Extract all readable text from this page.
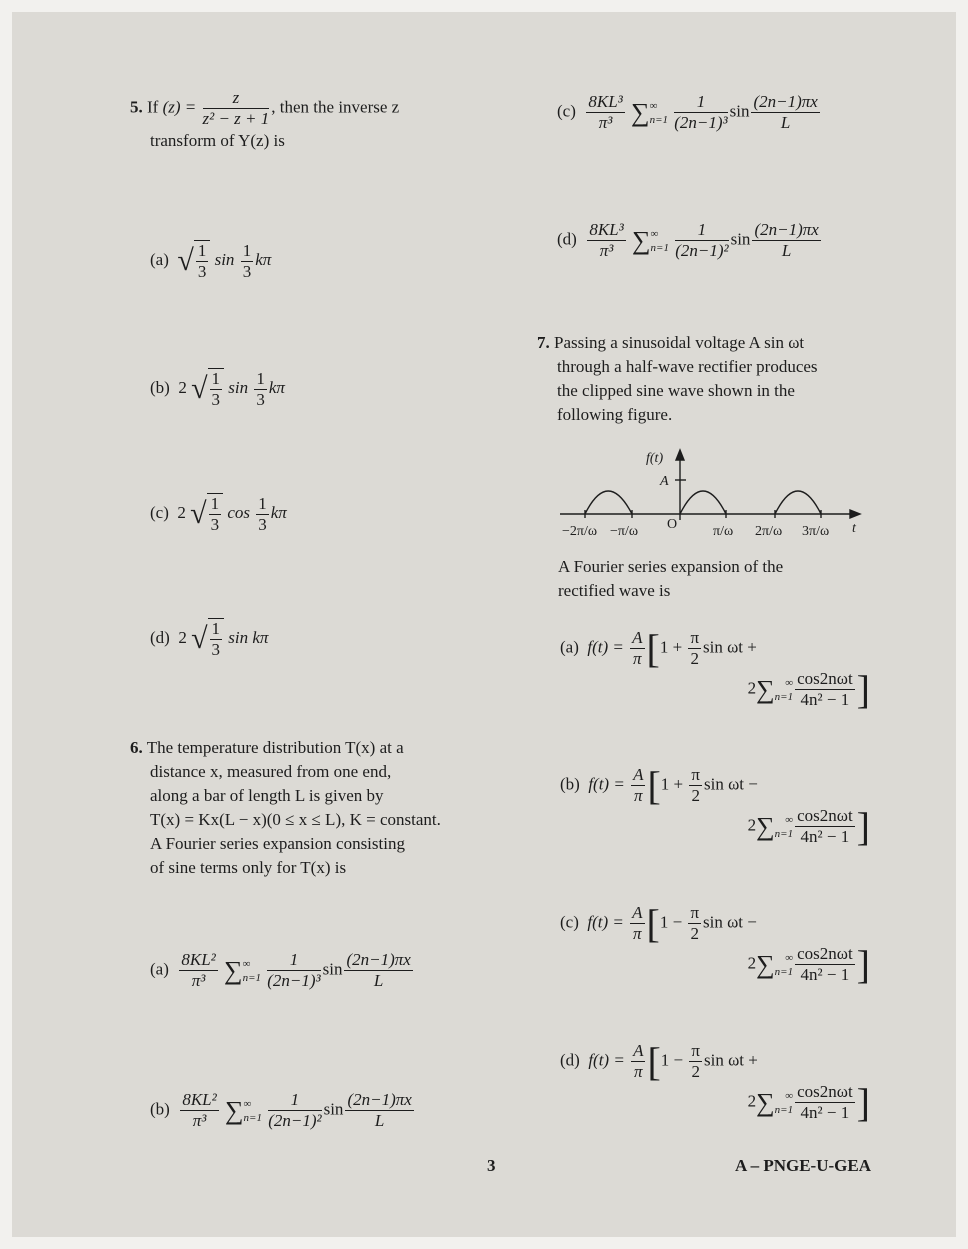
5. If $(z) = \frac{z}{\text{z² − z + 1}}$ , then the inverse z
transform of Y(z) is
(a) √ $\frac{1}{3}$ $\sin \frac{1}{3}$ kπ
(b) 2 √ $\frac{1}{3}$ $\sin \frac{1}{3}$ kπ
(c) 2 √ $\frac{1}{3}$ $\cos \frac{1}{3}$ kπ
(d) 2 √ $\frac{1}{3}$ sin kπ
6. The temperature distribution T(x) at a
distance x, measured from one end,
along a bar of length L is given by
T(x) = Kx(L − x)(0 ≤ x ≤ L), K = constant.
A Fourier series expansion consisting
of sine terms only for T(x) is
7. Passing a sinusoidal voltage A sin ωt
through a half-wave rectifier produces
the clipped sine wave shown in the
following figure.
f(t)
A
O	t
−2π/ω −π/ω	π/ω 2π/ω 3π/ω
A Fourier series expansion of the
rectified wave is
$(a) \frac{\text{8KL²}}{\text{π³}}$
∑ ∞
n=1
$\frac{1}{\text{(2n−1)³}}$ $\sin \frac{(2n-1)\pi x}{L}$
$(b) \frac{\text{8KL²}}{\text{π³}}$
∑ ∞
n=1
$\frac{1}{\text{(2n−1)²}}$ $\sin \frac{(2n-1)\pi x}{L}$
$(c) \frac{\text{8KL³}}{\text{π³}}$
∑ ∞
n=1
$\frac{1}{\text{(2n−1)³}}$ $\sin \frac{(2n-1)\pi x}{L}$
$(d) \frac{\text{8KL³}}{\text{π³}}$
∑ ∞
n=1
$\frac{1}{\text{(2n−1)²}}$ $\sin \frac{(2n-1)\pi x}{L}$
(a) $f(t) = \frac{A}{\pi} [1 + \frac{\pi}{2}$ sin ωt +
2 ∑ ∞
$n=1 \frac{\text{cos2nωt}}{\text{4n² − 1}}$ ]
(b) $f(t) = \frac{A}{\pi} [1 + \frac{\pi}{2}$ sin ωt −
2 ∑ ∞
$n=1 \frac{\text{cos2nωt}}{\text{4n² − 1}}$ ]
(c) $f(t) = \frac{A}{\pi} [1 - \frac{\pi}{2}$ sin ωt −
2 ∑ ∞
$n=1 \frac{\text{cos2nωt}}{\text{4n² − 1}}$ ]
(d) $f(t) = \frac{A}{\pi} [1 - \frac{\pi}{2}$ sin ωt +
2 ∑ ∞
$n=1 \frac{\text{cos2nωt}}{\text{4n² − 1}}$ ]
3	A – PNGE-U-GEA
